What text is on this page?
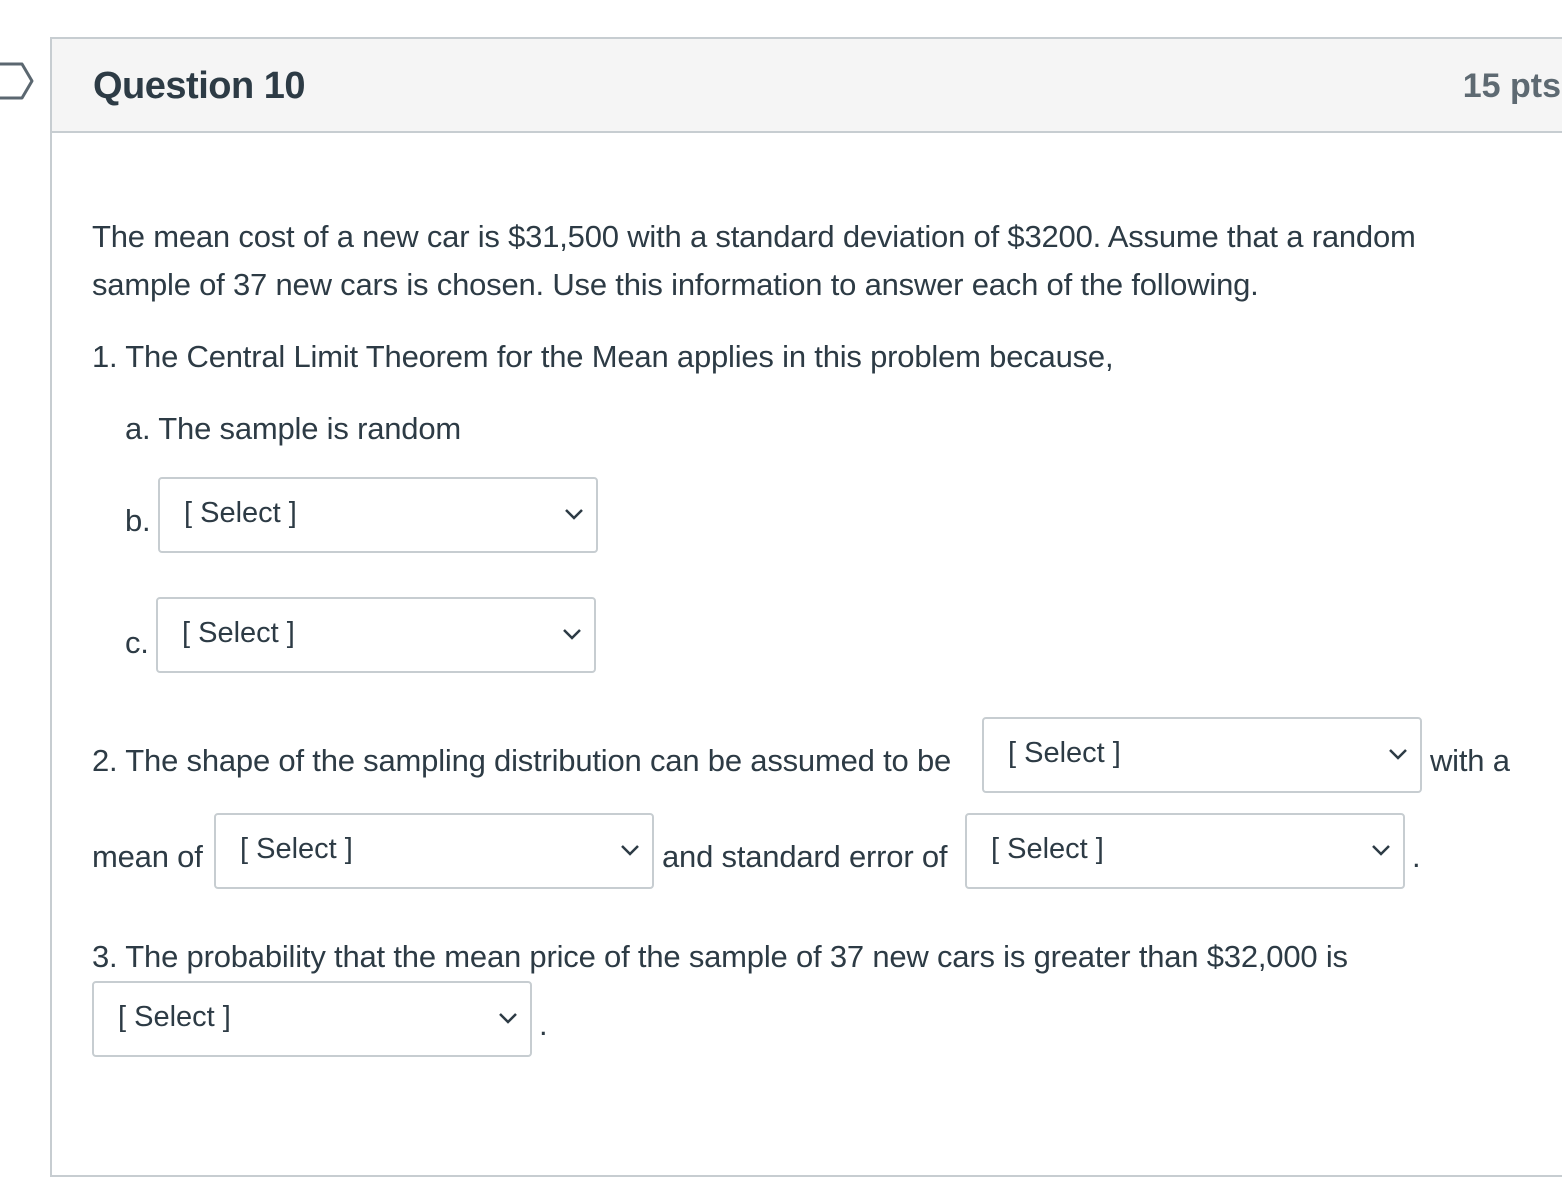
Question 10	15 pts
The mean cost of a new car is $31,500 with a standard deviation of $3200. Assume that a random
sample of 37 new cars is chosen. Use this information to answer each of the following.
1. The Central Limit Theorem for the Mean applies in this problem because,
a. The sample is random
b. [ Select ]
c. [ Select ]
2. The shape of the sampling distribution can be assumed to be [ Select ]	with a
mean of [ Select ]	and standard error of [ Select ]	.
3. The probability that the mean price of the sample of 37 new cars is greater than $32,000 is
[ Select ]	.
